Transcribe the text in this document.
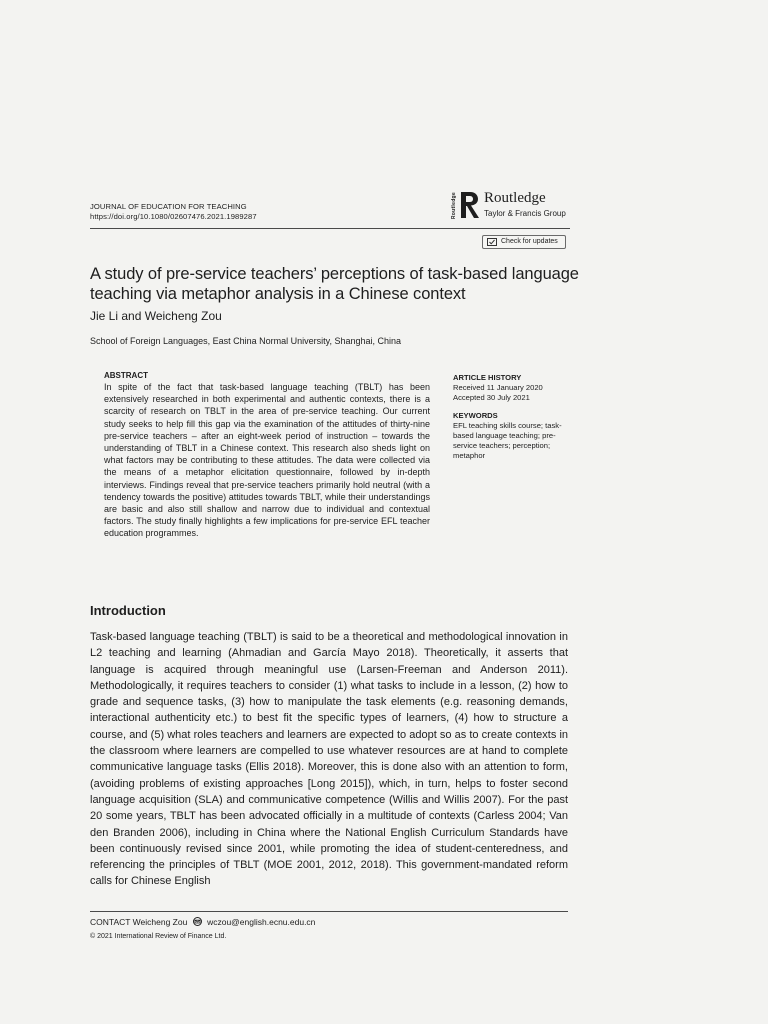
JOURNAL OF EDUCATION FOR TEACHING
https://doi.org/10.1080/02607476.2021.1989287	Routledge Routledge
Taylor & Francis Group
Check for updates
A study of pre-service teachers’ perceptions of task-based language teaching via metaphor analysis in a Chinese context
Jie Li and Weicheng Zou
School of Foreign Languages, East China Normal University, Shanghai, China
ABSTRACT

In spite of the fact that task-based language teaching (TBLT) has been extensively researched in both experimental and authentic contexts, there is a scarcity of research on TBLT in the area of pre-service teaching. Our current study seeks to help fill this gap via the examination of the attitudes of thirty-nine pre-service teachers – after an eight-week period of instruction – towards the understanding of TBLT in a Chinese context. This research also sheds light on what factors may be contributing to these attitudes. The data were collected via the means of a metaphor elicitation questionnaire, followed by in-depth interviews. Findings reveal that pre-service teachers primarily hold neutral (with a tendency towards the positive) attitudes towards TBLT, while their understandings are basic and also still shallow and narrow due to individual and contextual factors. The study finally highlights a few implications for pre-service EFL teacher education programmes.

ARTICLE HISTORY
Received 11 January 2020
Accepted 30 July 2021
KEYWORDS
EFL teaching skills course; task-based language teaching; pre-service teachers; perception; metaphor
Introduction

Task-based language teaching (TBLT) is said to be a theoretical and methodological innovation in L2 teaching and learning (Ahmadian and García Mayo 2018). Theoretically, it asserts that language is acquired through meaningful use (Larsen-Freeman and Anderson 2011). Methodologically, it requires teachers to consider (1) what tasks to include in a lesson, (2) how to grade and sequence tasks, (3) how to manipulate the task elements (e.g. reasoning demands, interactional authenticity etc.) to best fit the specific types of learners, (4) how to structure a course, and (5) what roles teachers and learners are expected to adopt so as to create contexts in the classroom where learners are compelled to use whatever resources are at hand to complete communicative language tasks (Ellis 2018). Moreover, this is done also with an attention to form, (avoiding problems of existing approaches [Long 2015]), which, in turn, helps to foster second language acquisition (SLA) and communicative competence (Willis and Willis 2007). For the past 20 some years, TBLT has been advocated officially in a multitude of contexts (Carless 2004; Van den Branden 2006), including in China where the National English Curriculum Standards have been continuously revised since 2001, while promoting the idea of student-centeredness, and referencing the principles of TBLT (MOE 2001, 2012, 2018). This government-mandated reform calls for Chinese English

CONTACT Weicheng Zou wczou@english.ecnu.edu.cn
© 2021 International Review of Finance Ltd.
